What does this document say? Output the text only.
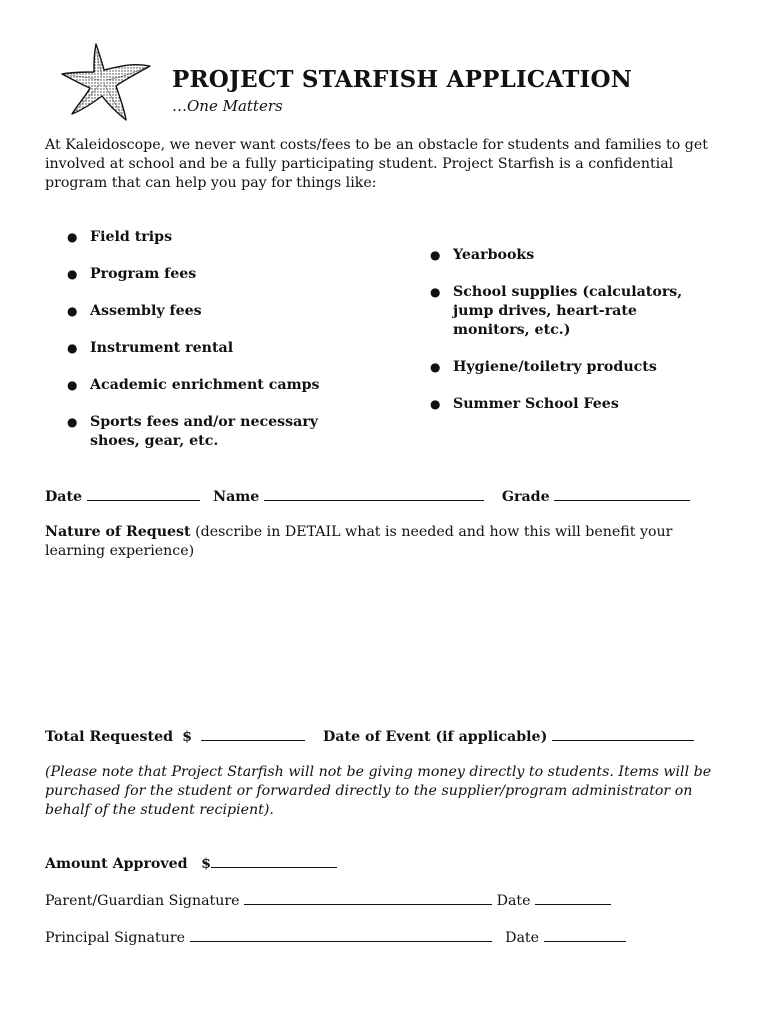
PROJECT STARFISH APPLICATION
…One Matters
At Kaleidoscope, we never want costs/fees to be an obstacle for students and families to get involved at school and be a fully participating student. Project Starfish is a confidential program that can help you pay for things like:
● Field trips
● Program fees
● Assembly fees
● Instrument rental
● Academic enrichment camps
● Sports fees and/or necessary shoes, gear, etc.
● Yearbooks
● School supplies (calculators, jump drives, heart-rate monitors, etc.)
● Hygiene/toiletry products
● Summer School Fees
Date	Name	Grade
Nature of Request (describe in DETAIL what is needed and how this will benefit your learning experience)
Total Requested $	Date of Event (if applicable)
(Please note that Project Starfish will not be giving money directly to students. Items will be purchased for the student or forwarded directly to the supplier/program administrator on behalf of the student recipient).
Amount Approved $
Parent/Guardian Signature	Date
Principal Signature	Date
